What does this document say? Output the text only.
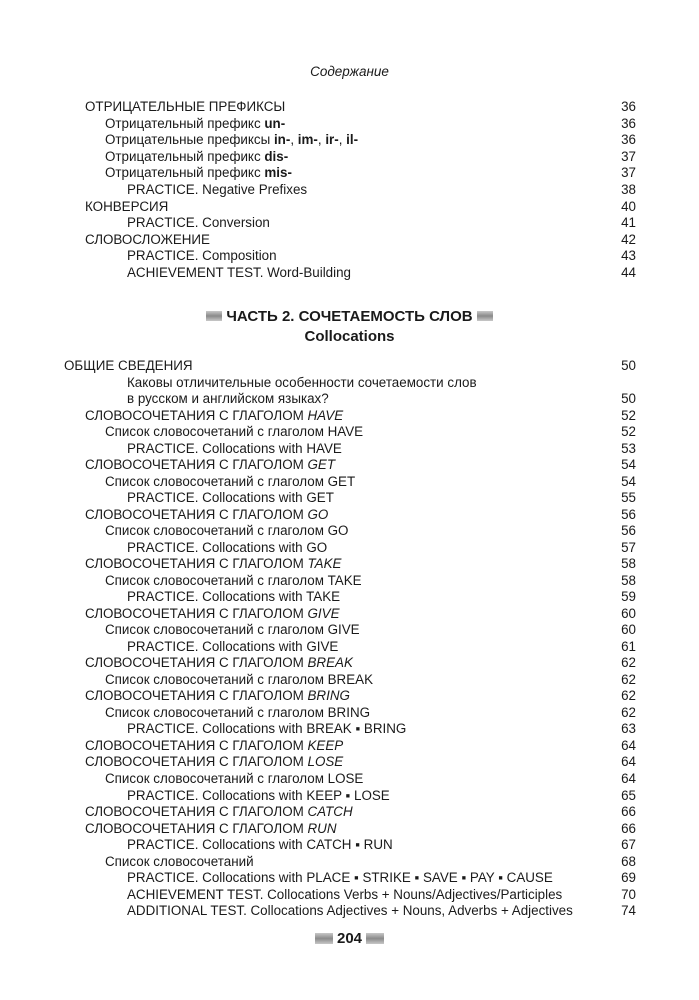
Содержание
ОТРИЦАТЕЛЬНЫЕ ПРЕФИКСЫ	36
Отрицательный префикс un-	36
Отрицательные префиксы in-, im-, ir-, il-	36
Отрицательный префикс dis-	37
Отрицательный префикс mis-	37
PRACTICE. Negative Prefixes	38
КОНВЕРСИЯ	40
PRACTICE. Conversion	41
СЛОВОСЛОЖЕНИЕ	42
PRACTICE. Composition	43
ACHIEVEMENT TEST. Word-Building	44
ЧАСТЬ 2. СОЧЕТАЕМОСТЬ СЛОВ
Collocations
ОБЩИЕ СВЕДЕНИЯ	50
Каковы отличительные особенности сочетаемости слов
в русском и английском языках?	50
СЛОВОСОЧЕТАНИЯ С ГЛАГОЛОМ HAVE	52
Список словосочетаний с глаголом HAVE	52
PRACTICE. Collocations with HAVE	53
СЛОВОСОЧЕТАНИЯ С ГЛАГОЛОМ GET	54
Список словосочетаний с глаголом GET	54
PRACTICE. Collocations with GET	55
СЛОВОСОЧЕТАНИЯ С ГЛАГОЛОМ GO	56
Список словосочетаний с глаголом GO	56
PRACTICE. Collocations with GO	57
СЛОВОСОЧЕТАНИЯ С ГЛАГОЛОМ TAKE	58
Список словосочетаний с глаголом TAKE	58
PRACTICE. Collocations with TAKE	59
СЛОВОСОЧЕТАНИЯ С ГЛАГОЛОМ GIVE	60
Список словосочетаний с глаголом GIVE	60
PRACTICE. Collocations with GIVE	61
СЛОВОСОЧЕТАНИЯ С ГЛАГОЛОМ BREAK	62
Список словосочетаний с глаголом BREAK	62
СЛОВОСОЧЕТАНИЯ С ГЛАГОЛОМ BRING	62
Список словосочетаний с глаголом BRING	62
PRACTICE. Collocations with BREAK ▪ BRING	63
СЛОВОСОЧЕТАНИЯ С ГЛАГОЛОМ KEEP	64
СЛОВОСОЧЕТАНИЯ С ГЛАГОЛОМ LOSE	64
Список словосочетаний с глаголом LOSE	64
PRACTICE. Collocations with KEEP ▪ LOSE	65
СЛОВОСОЧЕТАНИЯ С ГЛАГОЛОМ CATCH	66
СЛОВОСОЧЕТАНИЯ С ГЛАГОЛОМ RUN	66
PRACTICE. Collocations with CATCH ▪ RUN	67
Список словосочетаний	68
PRACTICE. Collocations with PLACE ▪ STRIKE ▪ SAVE ▪ PAY ▪ CAUSE	69
ACHIEVEMENT TEST. Collocations Verbs + Nouns/Adjectives/Participles	70
ADDITIONAL TEST. Collocations Adjectives + Nouns, Adverbs + Adjectives	74
204
